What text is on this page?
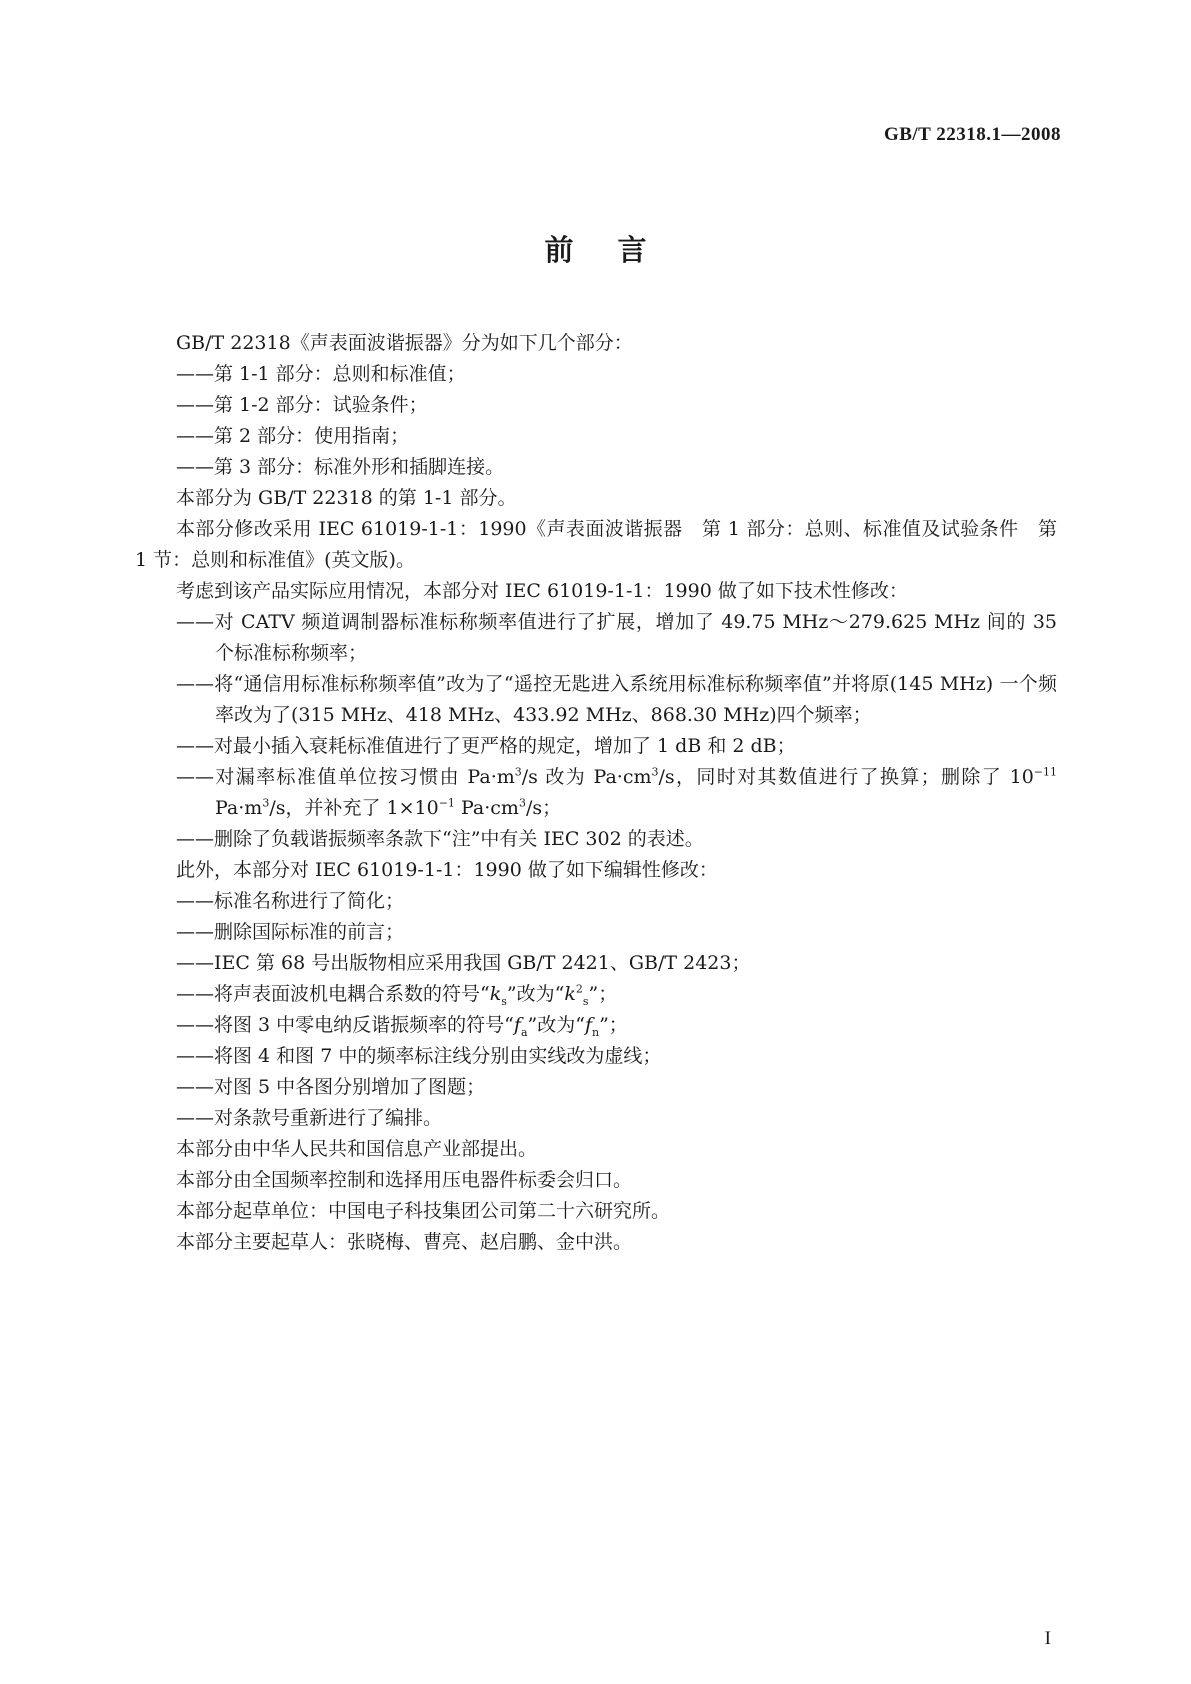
GB/T 22318.1—2008
前言

GB/T 22318《声表面波谐振器》分为如下几个部分：

——第 1-1 部分：总则和标准值；

——第 1-2 部分：试验条件；

——第 2 部分：使用指南；

——第 3 部分：标准外形和插脚连接。

本部分为 GB/T 22318 的第 1-1 部分。

本部分修改采用 IEC 61019-1-1：1990《声表面波谐振器　第 1 部分：总则、标准值及试验条件　第 1 节：总则和标准值》(英文版)。

考虑到该产品实际应用情况，本部分对 IEC 61019-1-1：1990 做了如下技术性修改：

——对 CATV 频道调制器标准标称频率值进行了扩展，增加了 49.75 MHz～279.625 MHz 间的 35 个标准标称频率；

——将“通信用标准标称频率值”改为了“遥控无匙进入系统用标准标称频率值”并将原(145 MHz) 一个频率改为了(315 MHz、418 MHz、433.92 MHz、868.30 MHz)四个频率；

——对最小插入衰耗标准值进行了更严格的规定，增加了 1 dB 和 2 dB；

——对漏率标准值单位按习惯由 $Pa\cdot m^3/s$ 改为 $Pa\cdot cm^3/s$，同时对其数值进行了换算；删除了 $10^{-11}$ $Pa\cdot m^3/s$，并补充了 $1\times 10^{-1}$ $Pa\cdot cm^3/s$；

——删除了负载谐振频率条款下“注”中有关 IEC 302 的表述。

此外，本部分对 IEC 61019-1-1：1990 做了如下编辑性修改：

——标准名称进行了简化；

——删除国际标准的前言；

——IEC 第 68 号出版物相应采用我国 GB/T 2421、GB/T 2423；

——将声表面波机电耦合系数的符号“$k_s$”改为“$k^2_s$”；

——将图 3 中零电纳反谐振频率的符号“$f_a$”改为“$f_n$”；

——将图 4 和图 7 中的频率标注线分别由实线改为虚线；

——对图 5 中各图分别增加了图题；

——对条款号重新进行了编排。

本部分由中华人民共和国信息产业部提出。

本部分由全国频率控制和选择用压电器件标委会归口。

本部分起草单位：中国电子科技集团公司第二十六研究所。

本部分主要起草人：张晓梅、曹亮、赵启鹏、金中洪。

I
